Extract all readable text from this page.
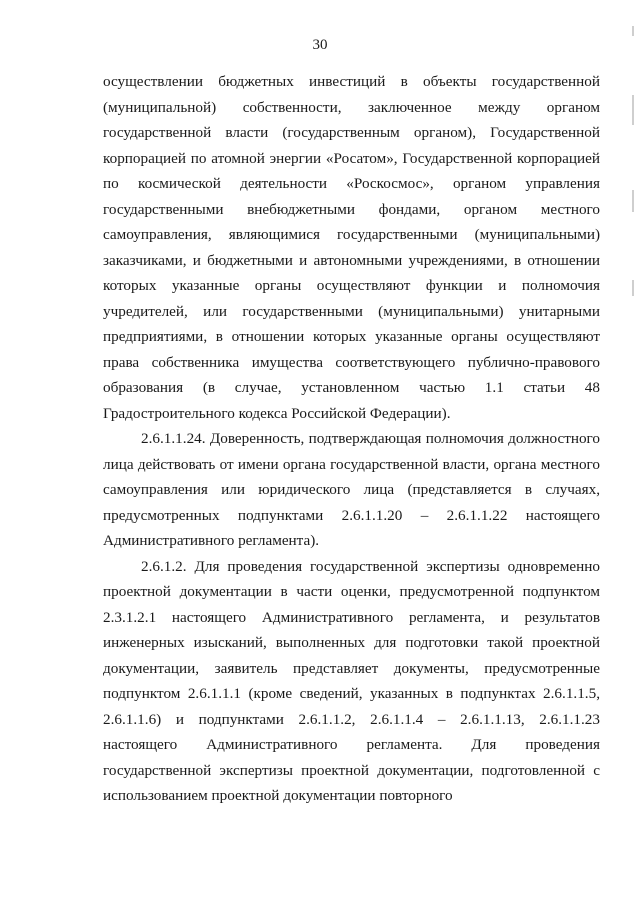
30

осуществлении бюджетных инвестиций в объекты государственной (муниципальной) собственности, заключенное между органом государственной власти (государственным органом), Государственной корпорацией по атомной энергии «Росатом», Государственной корпорацией по космической деятельности «Роскосмос», органом управления государственными внебюджетными фондами, органом местного самоуправления, являющимися государственными (муниципальными) заказчиками, и бюджетными и автономными учреждениями, в отношении которых указанные органы осуществляют функции и полномочия учредителей, или государственными (муниципальными) унитарными предприятиями, в отношении которых указанные органы осуществляют права собственника имущества соответствующего публично-правового образования (в случае, установленном частью 1.1 статьи 48 Градостроительного кодекса Российской Федерации).

2.6.1.1.24. Доверенность, подтверждающая полномочия должностного лица действовать от имени органа государственной власти, органа местного самоуправления или юридического лица (представляется в случаях, предусмотренных подпунктами 2.6.1.1.20 – 2.6.1.1.22 настоящего Административного регламента).

2.6.1.2. Для проведения государственной экспертизы одновременно проектной документации в части оценки, предусмотренной подпунктом 2.3.1.2.1 настоящего Административного регламента, и результатов инженерных изысканий, выполненных для подготовки такой проектной документации, заявитель представляет документы, предусмотренные подпунктом 2.6.1.1.1 (кроме сведений, указанных в подпунктах 2.6.1.1.5, 2.6.1.1.6) и подпунктами 2.6.1.1.2, 2.6.1.1.4 – 2.6.1.1.13, 2.6.1.1.23 настоящего Административного регламента. Для проведения государственной экспертизы проектной документации, подготовленной с использованием проектной документации повторного
